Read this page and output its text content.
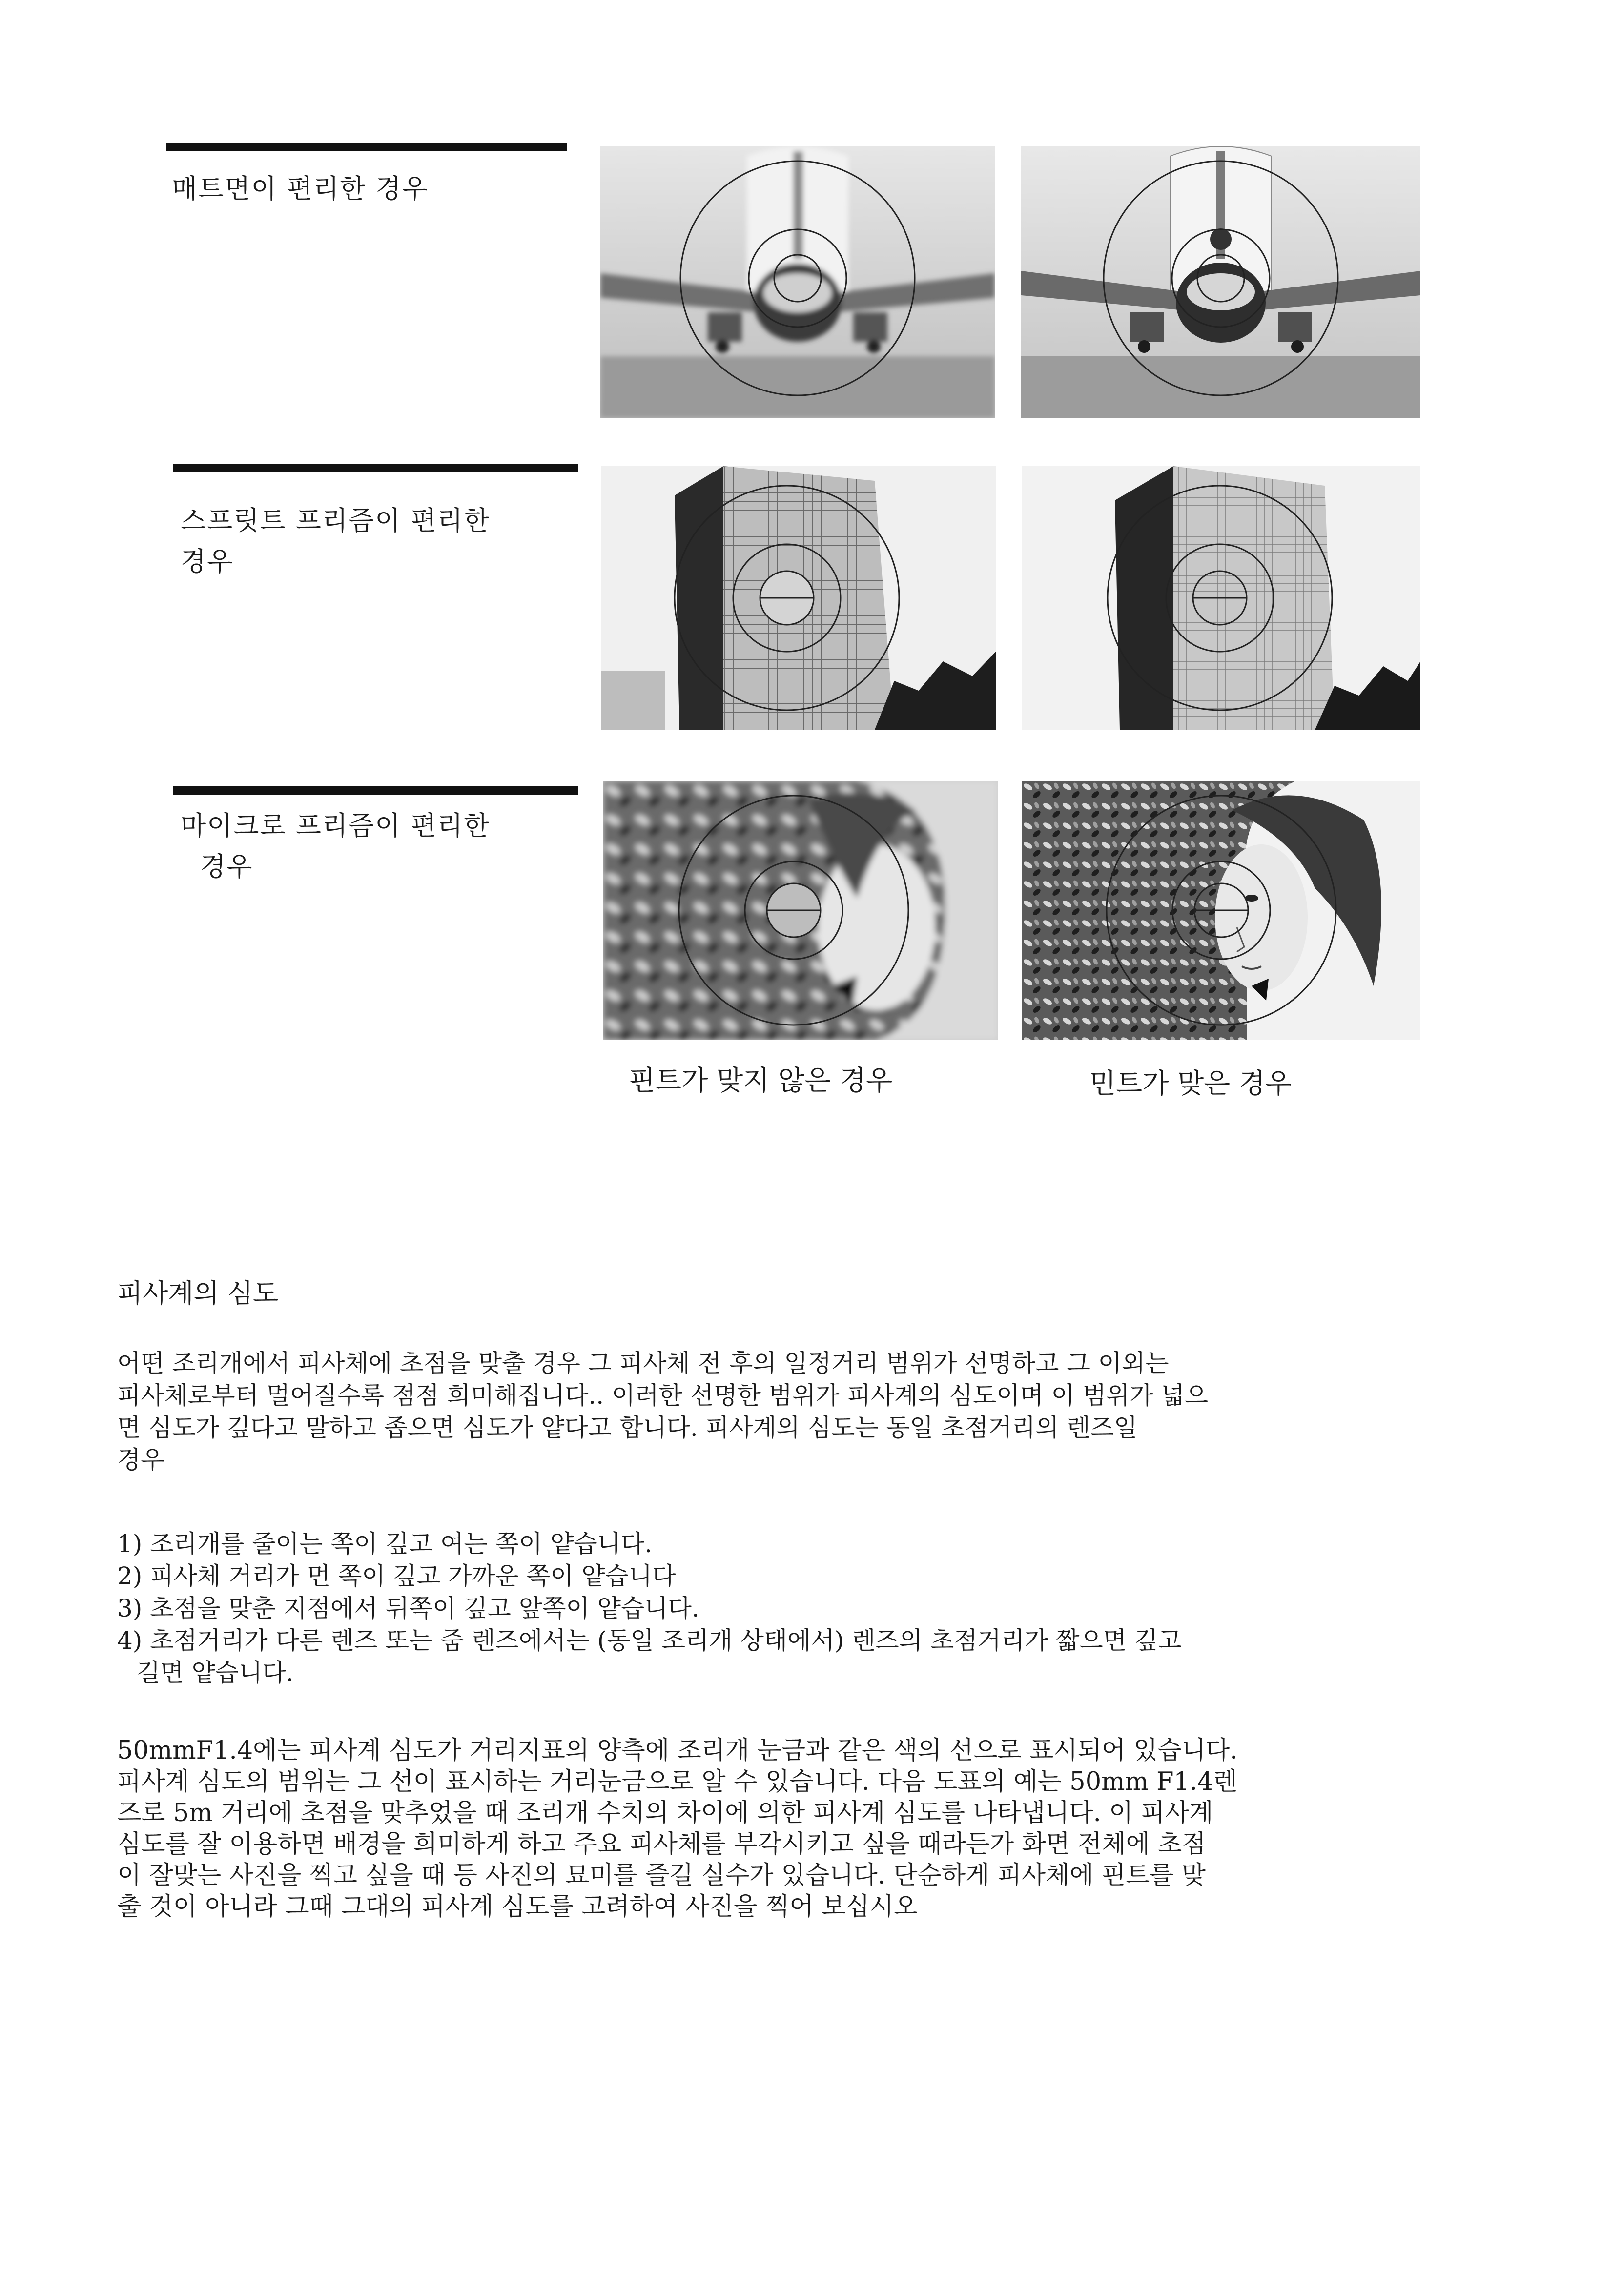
매트면이 편리한 경우
스프릿트 프리즘이 편리한
경우
마이크로 프리즘이 편리한
경우
핀트가 맞지 않은 경우	민트가 맞은 경우
피사계의 심도

어떤 조리개에서 피사체에 초점을 맞출 경우 그 피사체 전 후의 일정거리 범위가 선명하고 그 이외는

피사체로부터 멀어질수록 점점 희미해집니다.. 이러한 선명한 범위가 피사계의 심도이며 이 범위가 넓으

면 심도가 깊다고 말하고 좁으면 심도가 얕다고 합니다. 피사계의 심도는 동일 초점거리의 렌즈일

경우

1) 조리개를 줄이는 쪽이 깊고 여는 쪽이 얕습니다.
2) 피사체 거리가 먼 쪽이 깊고 가까운 쪽이 얕습니다
3) 초점을 맞춘 지점에서 뒤쪽이 깊고 앞쪽이 얕습니다.
4) 초점거리가 다른 렌즈 또는 줌 렌즈에서는 (동일 조리개 상태에서) 렌즈의 초점거리가 짧으면 깊고
길면 얕습니다.
50mmF1.4에는 피사계 심도가 거리지표의 양측에 조리개 눈금과 같은 색의 선으로 표시되어 있습니다.
피사계 심도의 범위는 그 선이 표시하는 거리눈금으로 알 수 있습니다. 다음 도표의 예는 50mm F1.4렌
즈로 5m 거리에 초점을 맞추었을 때 조리개 수치의 차이에 의한 피사계 심도를 나타냅니다. 이 피사계
심도를 잘 이용하면 배경을 희미하게 하고 주요 피사체를 부각시키고 싶을 때라든가 화면 전체에 초점
이 잘맞는 사진을 찍고 싶을 때 등 사진의 묘미를 즐길 실수가 있습니다. 단순하게 피사체에 핀트를 맞
출 것이 아니라 그때 그대의 피사계 심도를 고려하여 사진을 찍어 보십시오
